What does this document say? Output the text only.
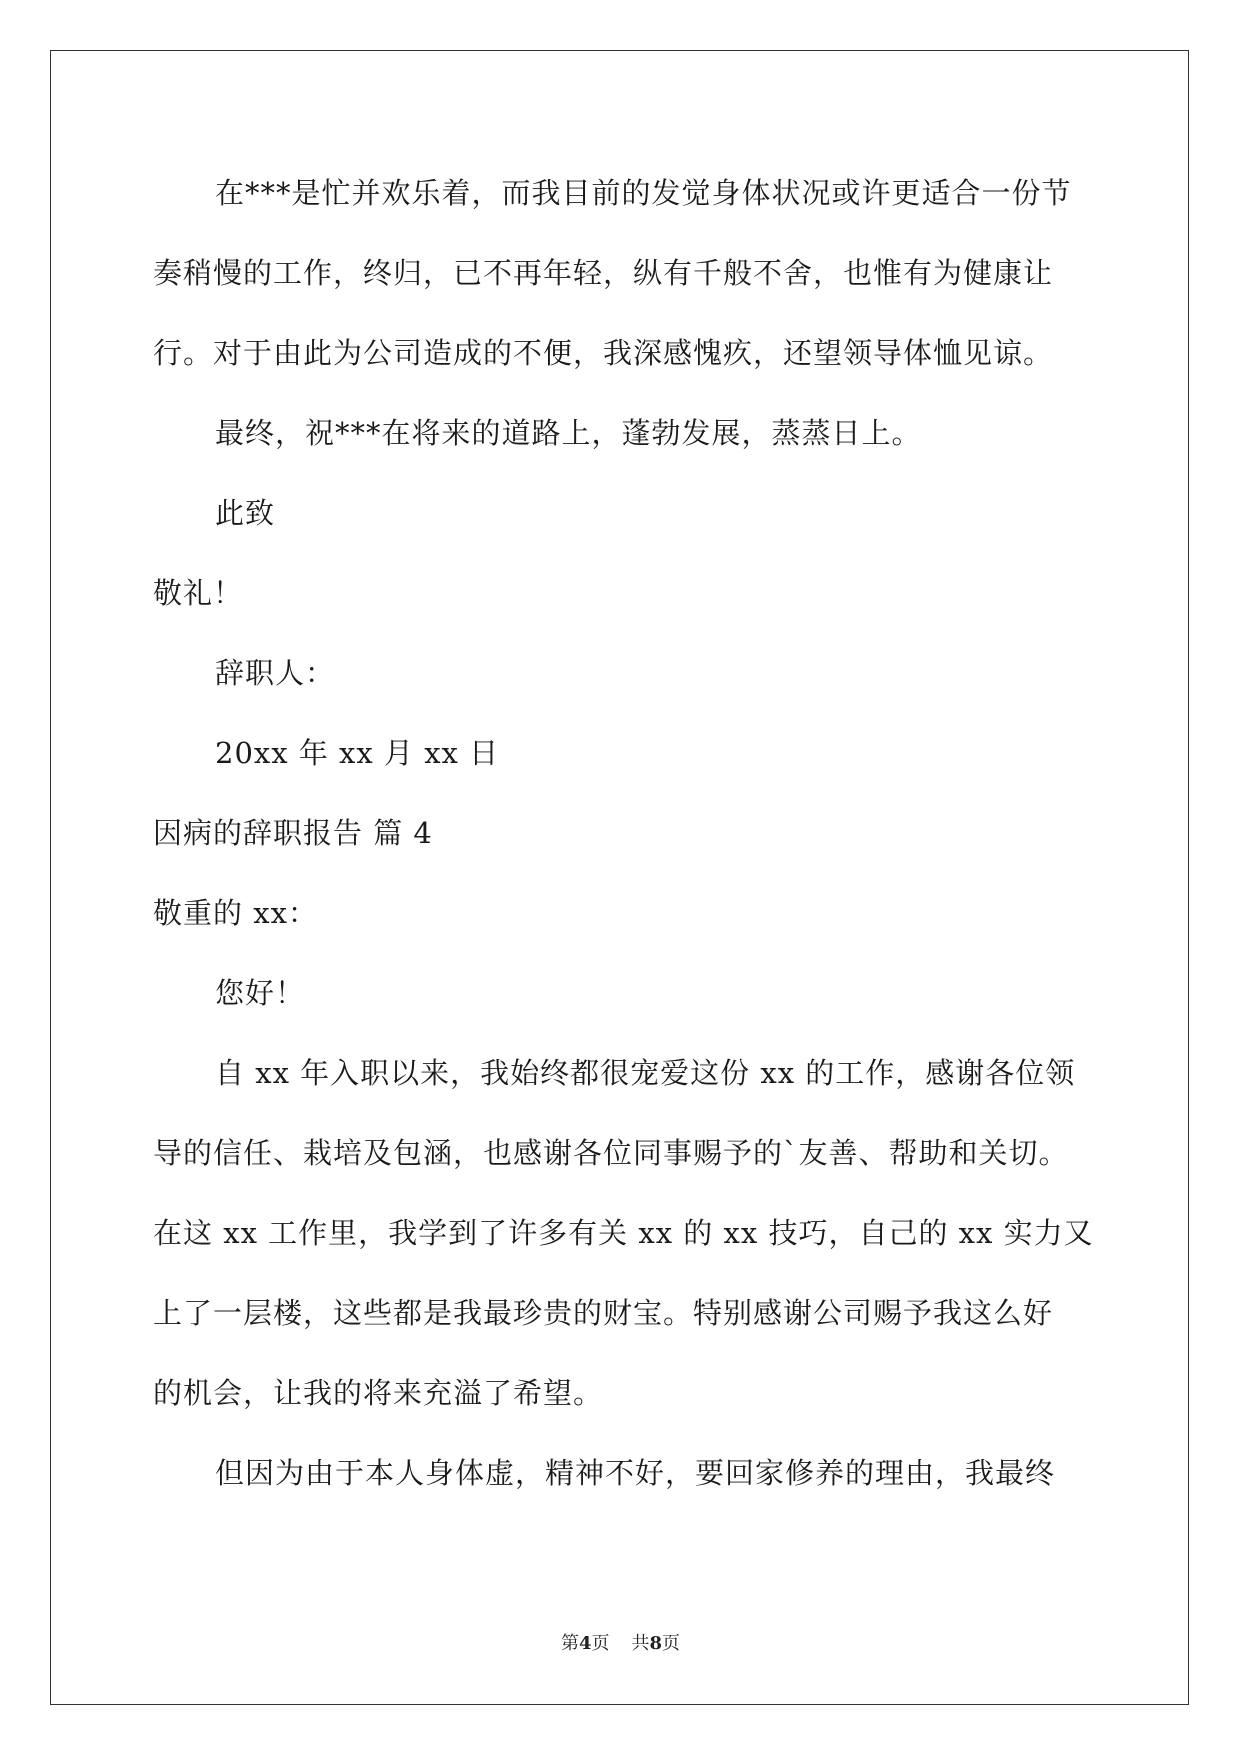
在***是忙并欢乐着，而我目前的发觉身体状况或许更适合一份节
奏稍慢的工作，终归，已不再年轻，纵有千般不舍，也惟有为健康让
行。对于由此为公司造成的不便，我深感愧疚，还望领导体恤见谅。
最终，祝***在将来的道路上，蓬勃发展，蒸蒸日上。
此致
敬礼！
辞职人：
20xx 年 xx 月 xx 日
因病的辞职报告 篇 4
敬重的 xx：
您好！
自 xx 年入职以来，我始终都很宠爱这份 xx 的工作，感谢各位领
导的信任、栽培及包涵，也感谢各位同事赐予的`友善、帮助和关切。
在这 xx 工作里，我学到了许多有关 xx 的 xx 技巧，自己的 xx 实力又
上了一层楼，这些都是我最珍贵的财宝。特别感谢公司赐予我这么好
的机会，让我的将来充溢了希望。
但因为由于本人身体虚，精神不好，要回家修养的理由，我最终
第4页 共8页
